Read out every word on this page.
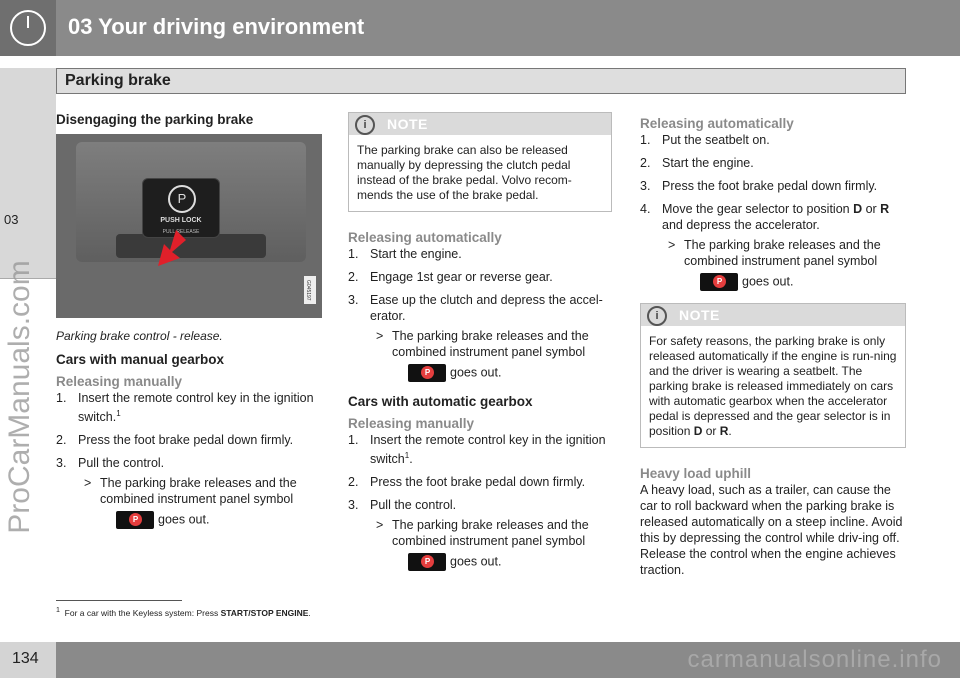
03 Your driving environment
Parking brake
03
ProCarManuals.com

Disengaging the parking brake

P
PUSH LOCK
PULL RELEASE
G045197

Parking brake control - release.

Cars with manual gearbox

Releasing manually

1. Insert the remote control key in the ignition switch.$^1$
2. Press the foot brake pedal down firmly.
3. Pull the control.
> The parking brake releases and the combined instrument panel symbol
P	goes out.
i	NOTE
The parking brake can also be released manually by depressing the clutch pedal instead of the brake pedal. Volvo recom-mends the use of the brake pedal.

Releasing automatically

1. Start the engine.
2. Engage 1st gear or reverse gear.
3. Ease up the clutch and depress the accel-erator.
> The parking brake releases and the combined instrument panel symbol
P	goes out.

Cars with automatic gearbox

Releasing manually

1. Insert the remote control key in the ignition switch$^1$.
2. Press the foot brake pedal down firmly.
3. Pull the control.
> The parking brake releases and the combined instrument panel symbol
P	goes out.

Releasing automatically

1. Put the seatbelt on.
2. Start the engine.
3. Press the foot brake pedal down firmly.
4. Move the gear selector to position D or R and depress the accelerator.
> The parking brake releases and the combined instrument panel symbol
P	goes out.
i	NOTE
For safety reasons, the parking brake is only released automatically if the engine is run-ning and the driver is wearing a seatbelt. The parking brake is released immediately on cars with automatic gearbox when the accelerator pedal is depressed and the gear selector is in position D or R.

Heavy load uphill

A heavy load, such as a trailer, can cause the car to roll backward when the parking brake is released automatically on a steep incline. Avoid this by depressing the control while driv-ing off. Release the control when the engine achieves traction.

$^1$ For a car with the Keyless system: Press START/STOP ENGINE.
134	carmanualsonline.info
